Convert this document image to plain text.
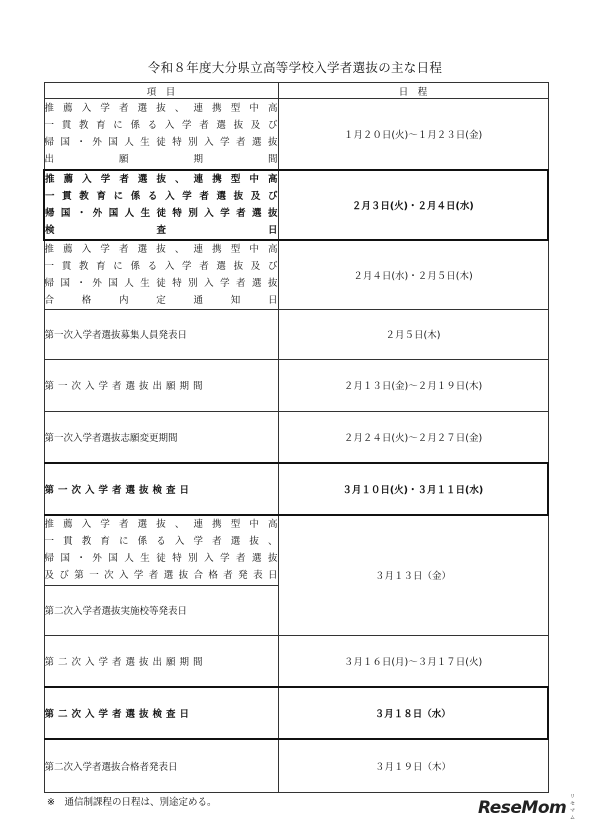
令和８年度大分県立高等学校入学者選抜の主な日程
項　目	日　程

推薦入学者選抜、連携型中高
一貫教育に係る入学者選抜及び
帰国・外国人生徒特別入学者選抜
出　願　期　間	１月２０日(火)～１月２３日(金)

推薦入学者選抜、連携型中高
一貫教育に係る入学者選抜及び
帰国・外国人生徒特別入学者選抜
検　査　日	２月３日(火)・２月４日(水)

推薦入学者選抜、連携型中高
一貫教育に係る入学者選抜及び
帰国・外国人生徒特別入学者選抜
合格内定通知日	２月４日(水)・２月５日(木)
第一次入学者選抜募集人員発表日	２月５日(木)
第一次入学者選抜出願期間	２月１３日(金)～２月１９日(木)
第一次入学者選抜志願変更期間	２月２４日(火)～２月２７日(金)
第一次入学者選抜検査日	３月１０日(火)・３月１１日(水)

推薦入学者選抜、連携型中高
一貫教育に係る入学者選抜、
帰国・外国人生徒特別入学者選抜
及び第一次入学者選抜合格者発表日	３月１３日（金）
第二次入学者選抜実施校等発表日	
第二次入学者選抜出願期間	３月１６日(月)～３月１７日(火)
第二次入学者選抜検査日	３月１８日（水）
第二次入学者選抜合格者発表日	３月１９日（木）
※　通信制課程の日程は、別途定める。	ReseMom
リセマム
